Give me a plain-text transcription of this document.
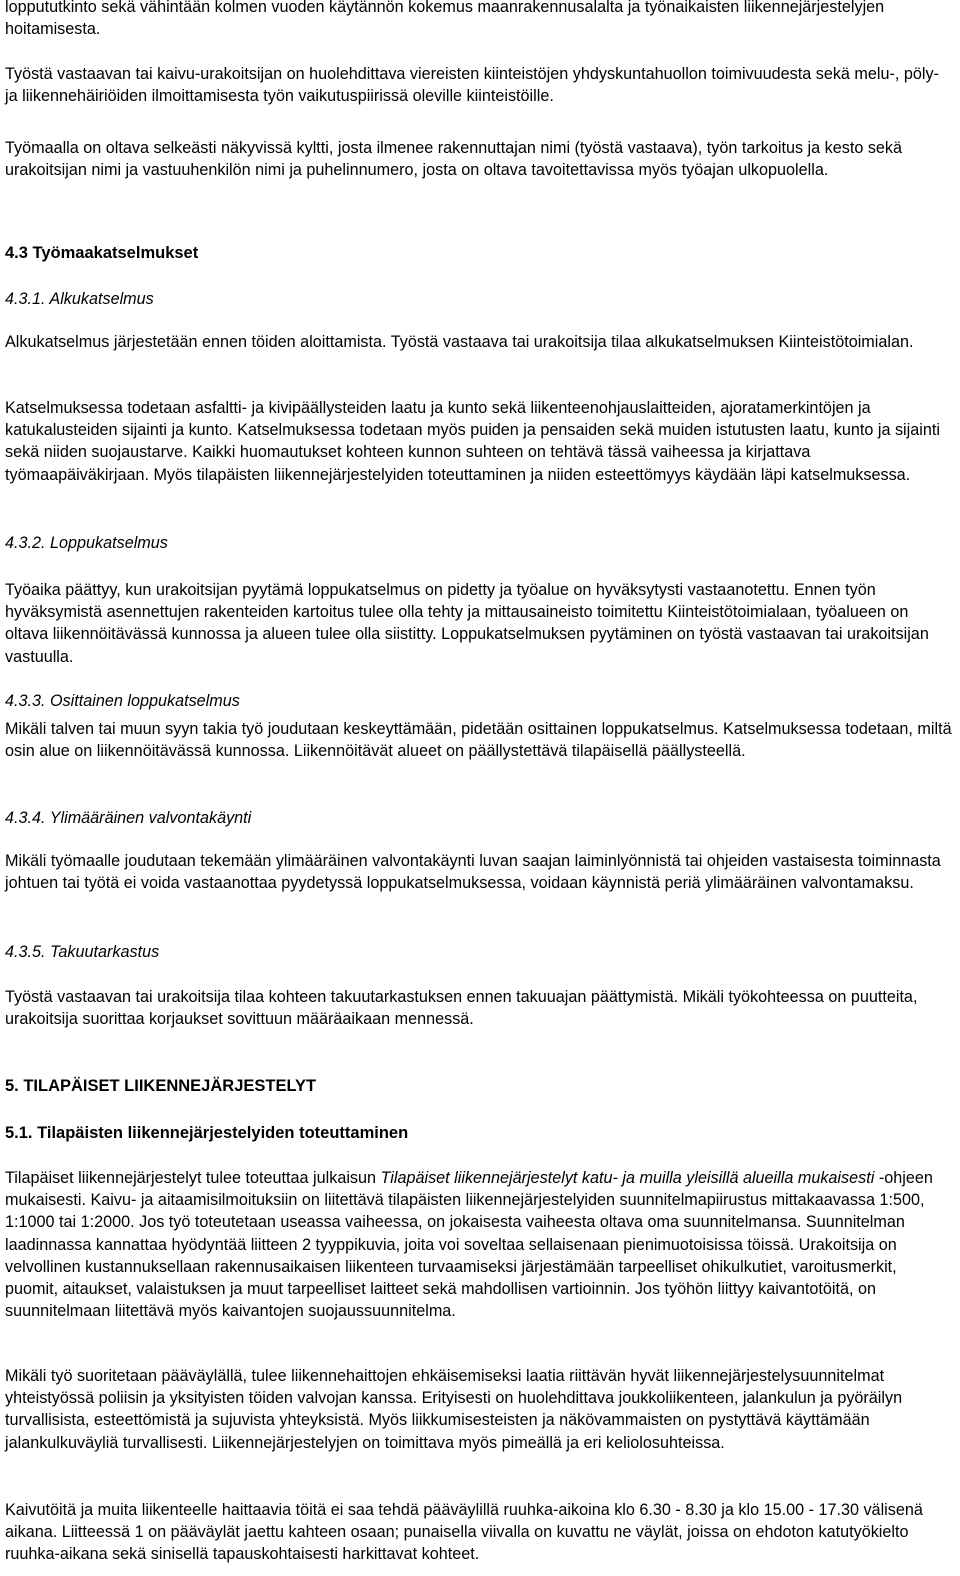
loppututkinto sekä vähintään kolmen vuoden käytännön kokemus maanrakennusalalta ja työnaikaisten liikennejärjestelyjen hoitamisesta.

Työstä vastaavan tai kaivu-urakoitsijan on huolehdittava viereisten kiinteistöjen yhdyskuntahuollon toimivuudesta sekä melu-, pöly- ja liikennehäiriöiden ilmoittamisesta työn vaikutuspiirissä oleville kiinteistöille.

Työmaalla on oltava selkeästi näkyvissä kyltti, josta ilmenee rakennuttajan nimi (työstä vastaava), työn tarkoitus ja kesto sekä urakoitsijan nimi ja vastuuhenkilön nimi ja puhelinnumero, josta on oltava tavoitettavissa myös työajan ulkopuolella.

4.3 Työmaakatselmukset

4.3.1. Alkukatselmus

Alkukatselmus järjestetään ennen töiden aloittamista. Työstä vastaava tai urakoitsija tilaa alkukatselmuksen Kiinteistötoimialan.

Katselmuksessa todetaan asfaltti- ja kivipäällysteiden laatu ja kunto sekä liikenteenohjauslaitteiden, ajoratamerkintöjen ja katukalusteiden sijainti ja kunto. Katselmuksessa todetaan myös puiden ja pensaiden sekä muiden istutusten laatu, kunto ja sijainti sekä niiden suojaustarve. Kaikki huomautukset kohteen kunnon suhteen on tehtävä tässä vaiheessa ja kirjattava työmaapäiväkirjaan. Myös tilapäisten liikennejärjestelyiden toteuttaminen ja niiden esteettömyys käydään läpi katselmuksessa.

4.3.2. Loppukatselmus

Työaika päättyy, kun urakoitsijan pyytämä loppukatselmus on pidetty ja työalue on hyväksytysti vastaanotettu. Ennen työn hyväksymistä asennettujen rakenteiden kartoitus tulee olla tehty ja mittausaineisto toimitettu Kiinteistötoimialaan, työalueen on oltava liikennöitävässä kunnossa ja alueen tulee olla siistitty. Loppukatselmuksen pyytäminen on työstä vastaavan tai urakoitsijan vastuulla.

4.3.3. Osittainen loppukatselmus

Mikäli talven tai muun syyn takia työ joudutaan keskeyttämään, pidetään osittainen loppukatselmus. Katselmuksessa todetaan, miltä osin alue on liikennöitävässä kunnossa. Liikennöitävät alueet on päällystettävä tilapäisellä päällysteellä.

4.3.4. Ylimääräinen valvontakäynti

Mikäli työmaalle joudutaan tekemään ylimääräinen valvontakäynti luvan saajan laiminlyönnistä tai ohjeiden vastaisesta toiminnasta johtuen tai työtä ei voida vastaanottaa pyydetyssä loppukatselmuksessa, voidaan käynnistä periä ylimääräinen valvontamaksu.

4.3.5. Takuutarkastus

Työstä vastaavan tai urakoitsija tilaa kohteen takuutarkastuksen ennen takuuajan päättymistä. Mikäli työkohteessa on puutteita, urakoitsija suorittaa korjaukset sovittuun määräaikaan mennessä.

5. TILAPÄISET LIIKENNEJÄRJESTELYT

5.1. Tilapäisten liikennejärjestelyiden toteuttaminen

Tilapäiset liikennejärjestelyt tulee toteuttaa julkaisun Tilapäiset liikennejärjestelyt katu- ja muilla yleisillä alueilla mukaisesti -ohjeen mukaisesti. Kaivu- ja aitaamisilmoituksiin on liitettävä tilapäisten liikennejärjestelyiden suunnitelmapiirustus mittakaavassa 1:500, 1:1000 tai 1:2000. Jos työ toteutetaan useassa vaiheessa, on jokaisesta vaiheesta oltava oma suunnitelmansa. Suunnitelman laadinnassa kannattaa hyödyntää liitteen 2 tyyppikuvia, joita voi soveltaa sellaisenaan pienimuotoisissa töissä. Urakoitsija on velvollinen kustannuksellaan rakennusaikaisen liikenteen turvaamiseksi järjestämään tarpeelliset ohikulkutiet, varoitusmerkit, puomit, aitaukset, valaistuksen ja muut tarpeelliset laitteet sekä mahdollisen vartioinnin. Jos työhön liittyy kaivantotöitä, on suunnitelmaan liitettävä myös kaivantojen suojaussuunnitelma.

Mikäli työ suoritetaan pääväylällä, tulee liikennehaittojen ehkäisemiseksi laatia riittävän hyvät liikennejärjestelysuunnitelmat yhteistyössä poliisin ja yksityisten töiden valvojan kanssa. Erityisesti on huolehdittava joukkoliikenteen, jalankulun ja pyöräilyn turvallisista, esteettömistä ja sujuvista yhteyksistä. Myös liikkumisesteisten ja näkövammaisten on pystyttävä käyttämään jalankulkuväyliä turvallisesti. Liikennejärjestelyjen on toimittava myös pimeällä ja eri keliolosuhteissa.

Kaivutöitä ja muita liikenteelle haittaavia töitä ei saa tehdä pääväylillä ruuhka-aikoina klo 6.30 - 8.30 ja klo 15.00 - 17.30 välisenä aikana. Liitteessä 1 on pääväylät jaettu kahteen osaan; punaisella viivalla on kuvattu ne väylät, joissa on ehdoton katutyökielto ruuhka-aikana sekä sinisellä tapauskohtaisesti harkittavat kohteet.
